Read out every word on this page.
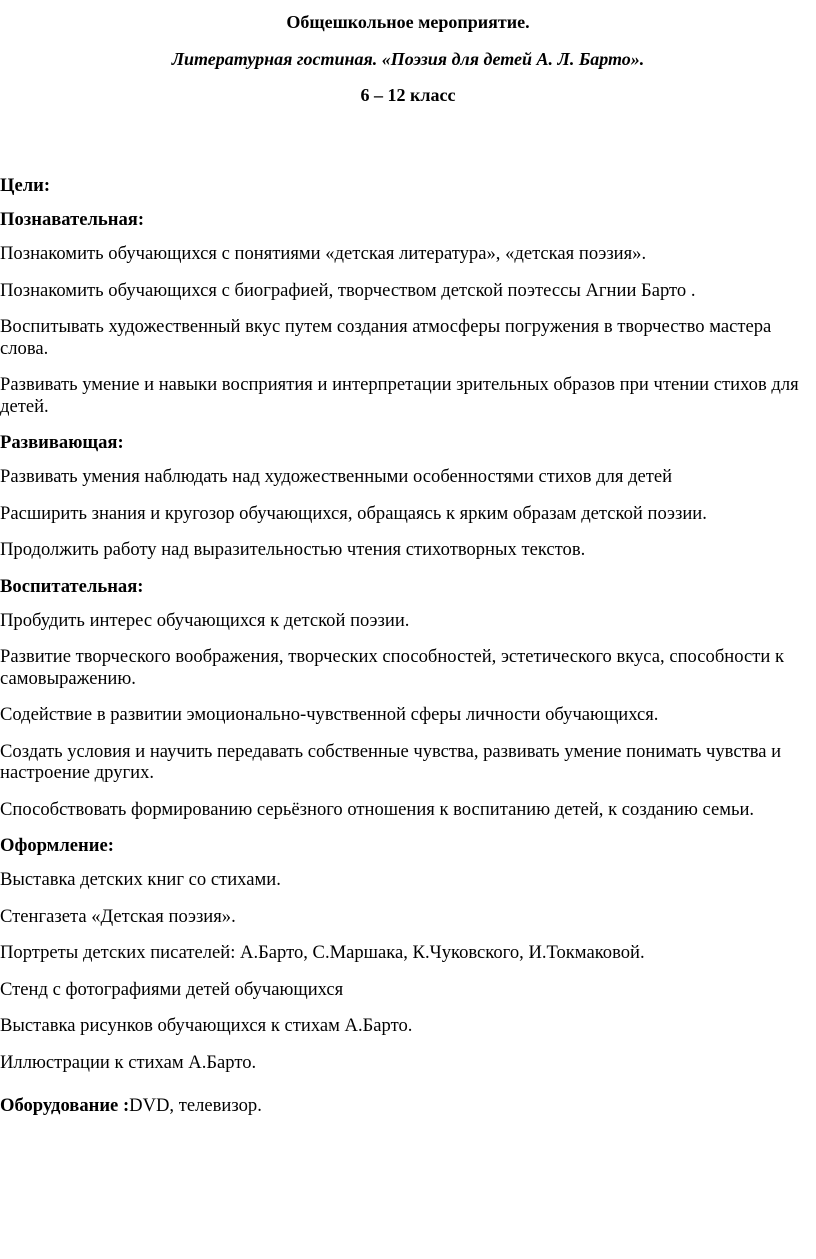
Общешкольное мероприятие.
Литературная гостиная. «Поэзия для детей А. Л. Барто».
6 – 12 класс

Цели:

Познавательная:

Познакомить обучающихся с понятиями «детская литература», «детская поэзия».

Познакомить обучающихся с биографией, творчеством детской поэтессы Агнии Барто .

Воспитывать художественный вкус путем создания атмосферы погружения в творчество мастера слова.

Развивать умение и навыки восприятия и интерпретации зрительных образов при чтении стихов для детей.

Развивающая:

Развивать умения наблюдать над художественными особенностями стихов для детей

Расширить знания и кругозор обучающихся, обращаясь к ярким образам детской поэзии.

Продолжить работу над выразительностью чтения стихотворных текстов.

Воспитательная:

Пробудить интерес обучающихся к детской поэзии.

Развитие творческого воображения, творческих способностей, эстетического вкуса, способности к самовыражению.

Содействие в развитии эмоционально-чувственной сферы личности обучающихся.

Создать условия и научить передавать собственные чувства, развивать умение понимать чувства и настроение других.

Способствовать формированию серьёзного отношения к воспитанию детей, к созданию семьи.

Оформление:

Выставка детских книг со стихами.

Стенгазета «Детская поэзия».

Портреты детских писателей: А.Барто, С.Маршака, К.Чуковского, И.Токмаковой.

Стенд с фотографиями детей обучающихся

Выставка рисунков обучающихся к стихам А.Барто.

Иллюстрации к стихам А.Барто.

Оборудование :DVD, телевизор.
